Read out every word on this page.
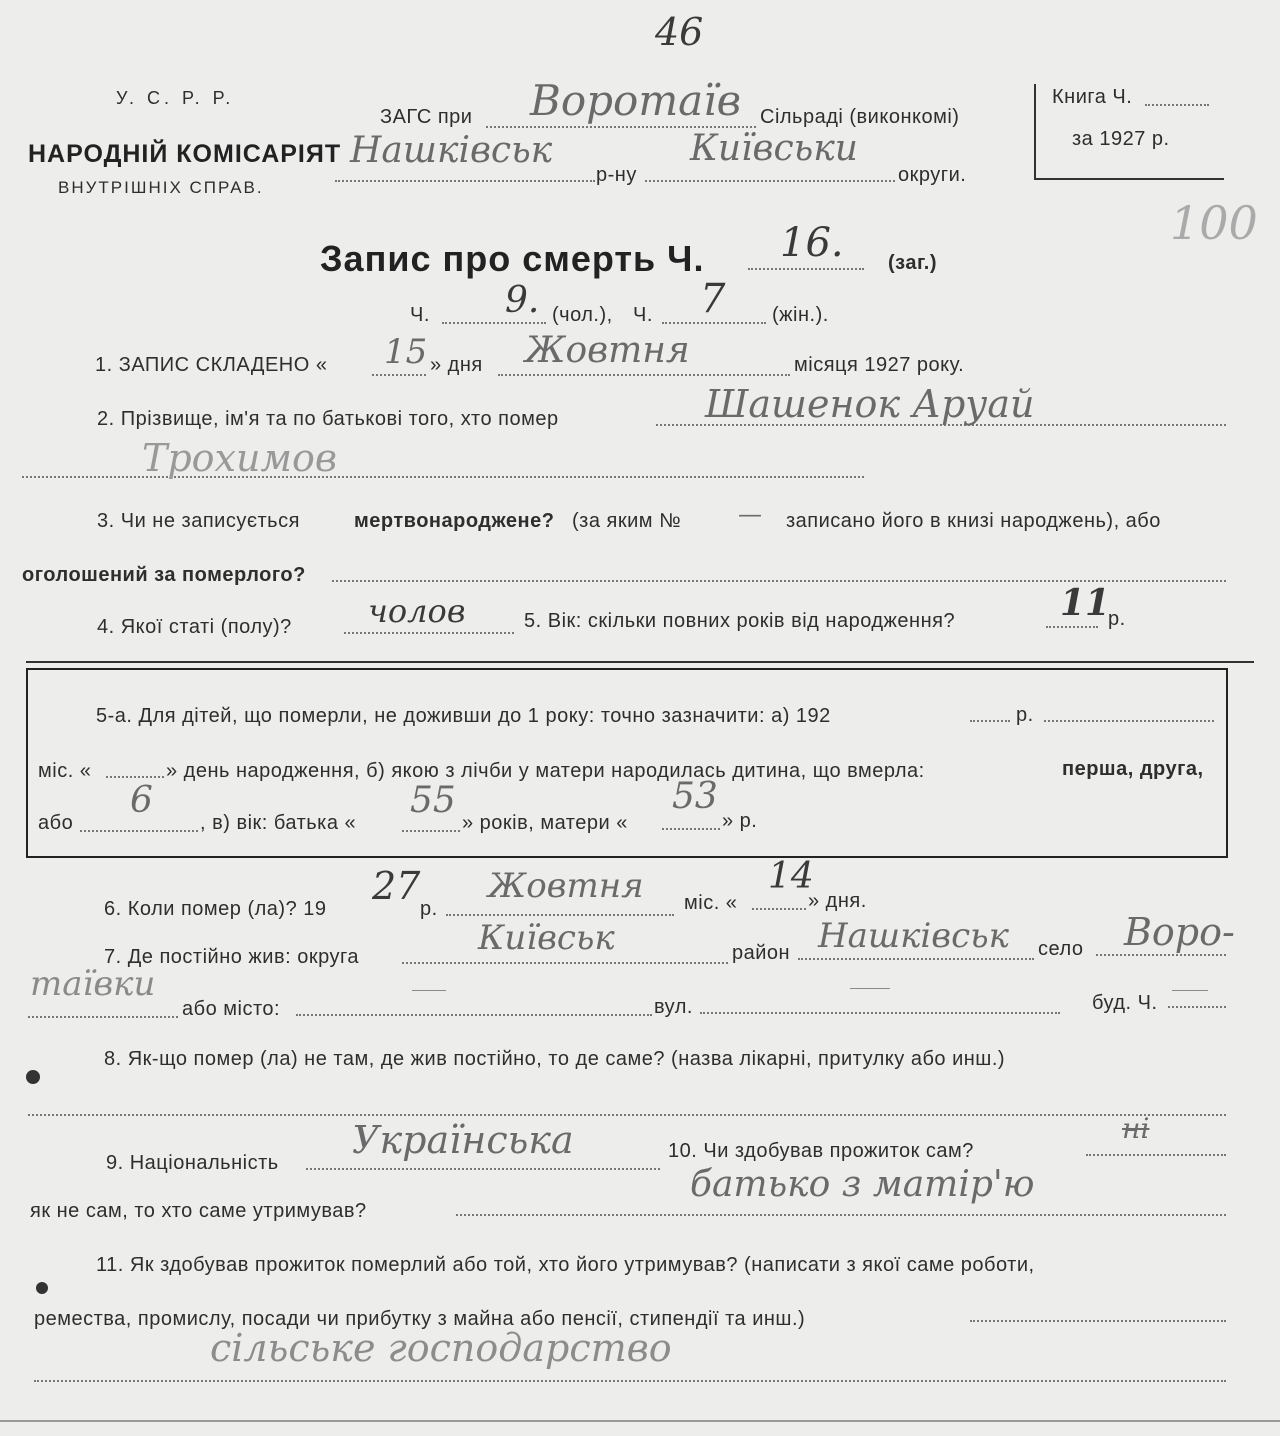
46
У. С. Р. Р.
НАРОДНІЙ КОМІСАРІЯТ
ВНУТРІШНІХ СПРАВ.
ЗАГС при Воротаїв Сільраді (виконкомі)
Нашківськ
р-ну
Київськи
округи.
Книга Ч.
за 1927 р.
100
Запис про смерть Ч. 16. (заг.)
Ч. 9. (чол.), Ч. 7 (жін.).
1. ЗАПИС СКЛАДЕНО « 15 » дня Жовтня	місяця 1927 року.
2. Прізвище, ім'я та по батькові того, хто помер	Шашенок Аруай
Трохимов
3. Чи не записується	мертвонароджене? (за яким № — записано його в книзі народжень), або
оголошений за померлого?
4. Якої статі (полу)? чолов	5. Вік: скільки повних років від народження?	11
р.
5-а. Для дітей, що померли, не доживши до 1 року: точно зазначити: а) 192	р.
міс. «	» день народження, б) якою з лічби у матери народилась дитина, що вмерла:	перша, друга,
або
6
, в) вік: батька «
55
» років, матери «
53
» р.
6. Коли помер (ла)? 19
27
р.
Жовтня міс. «
14
» дня.
7. Де постійно жив: округа	Київськ	район Нашківськ село Воро-
таївки
або місто:	вул.	буд. Ч.
8. Як-що помер (ла) не там, де жив постійно, то де саме? (назва лікарні, притулку або инш.)
9. Національність
Українська	10. Чи здобував прожиток сам?
ні
як не сам, то хто саме утримував?
батько з матір'ю
11. Як здобував прожиток померлий або той, хто його утримував? (написати з якої саме роботи,
ремества, промислу, посади чи прибутку з майна або пенсії, стипендії та инш.)
сільське господарство
